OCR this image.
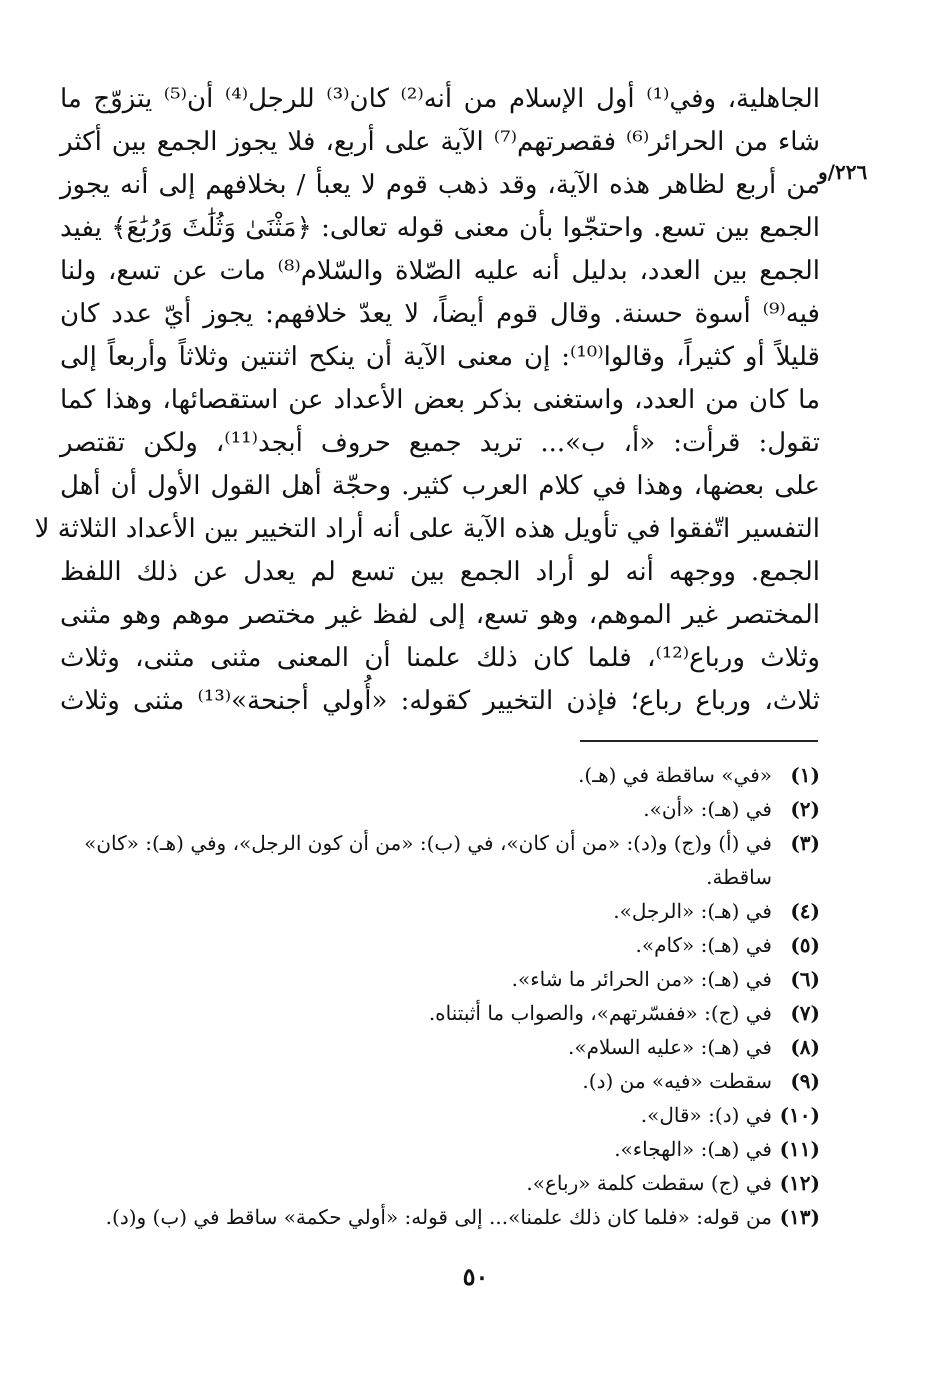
٢٢٦/و
الجاهلية، وفي⁽¹⁾ أول الإسلام من أنه⁽²⁾ كان⁽³⁾ للرجل⁽⁴⁾ أن⁽⁵⁾ يتزوّج ما
شاء من الحرائر⁽⁶⁾ فقصرتهم⁽⁷⁾ الآية على أربع، فلا يجوز الجمع بين أكثر
من أربع لظاهر هذه الآية، وقد ذهب قوم لا يعبأ / بخلافهم إلى أنه يجوز
الجمع بين تسع. واحتجّوا بأن معنى قوله تعالى: ﴿مَثْنَىٰ وَثُلَٰثَ وَرُبَٰعَ﴾ يفيد
الجمع بين العدد، بدليل أنه عليه الصّلاة والسّلام⁽⁸⁾ مات عن تسع، ولنا
فيه⁽⁹⁾ أسوة حسنة. وقال قوم أيضاً، لا يعدّ خلافهم: يجوز أيّ عدد كان
قليلاً أو كثيراً، وقالوا⁽¹⁰⁾: إن معنى الآية أن ينكح اثنتين وثلاثاً وأربعاً إلى
ما كان من العدد، واستغنى بذكر بعض الأعداد عن استقصائها، وهذا كما
تقول: قرأت: «أ، ب»... تريد جميع حروف أبجد⁽¹¹⁾، ولكن تقتصر
على بعضها، وهذا في كلام العرب كثير. وحجّة أهل القول الأول أن أهل
التفسير اتّفقوا في تأويل هذه الآية على أنه أراد التخيير بين الأعداد الثلاثة لا
الجمع. ووجهه أنه لو أراد الجمع بين تسع لم يعدل عن ذلك اللفظ
المختصر غير الموهم، وهو تسع، إلى لفظ غير مختصر موهم وهو مثنى
وثلاث ورباع⁽¹²⁾، فلما كان ذلك علمنا أن المعنى مثنى مثنى، وثلاث
ثلاث، ورباع رباع؛ فإذن التخيير كقوله: «أُولي أجنحة»⁽¹³⁾ مثنى وثلاث
(١)
«في» ساقطة في (هـ).
(٢)
في (هـ): «أن».
(٣)
في (أ) و(ج) و(د): «من أن كان»، في (ب): «من أن كون الرجل»، وفي (هـ): «كان» ساقطة.
(٤)
في (هـ): «الرجل».
(٥)
في (هـ): «كام».
(٦)
في (هـ): «من الحرائر ما شاء».
(٧)
في (ج): «ففسّرتهم»، والصواب ما أثبتناه.
(٨)
في (هـ): «عليه السلام».
(٩)
سقطت «فيه» من (د).
(١٠)
في (د): «قال».
(١١)
في (هـ): «الهجاء».
(١٢)
في (ج) سقطت كلمة «رباع».
(١٣)
من قوله: «فلما كان ذلك علمنا»... إلى قوله: «أولي حكمة» ساقط في (ب) و(د).
٥٠
